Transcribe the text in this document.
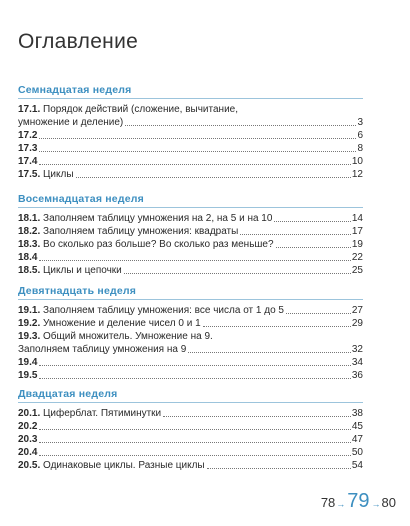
Оглавление
Семнадцатая неделя
17.1. Порядок действий (сложение, вычитание,
умножение и деление)	3
17.2	6
17.3	8
17.4	10
17.5. Циклы	12
Восемнадцатая неделя
18.1. Заполняем таблицу умножения на 2, на 5 и на 10	14
18.2. Заполняем таблицу умножения: квадраты	17
18.3. Во сколько раз больше? Во сколько раз меньше?	19
18.4	22
18.5. Циклы и цепочки	25
Девятнадцать неделя
19.1. Заполняем таблицу умножения: все числа от 1 до 5	27
19.2. Умножение и деление чисел 0 и 1	29
19.3. Общий множитель. Умножение на 9.
Заполняем таблицу умножения на 9	32
19.4	34
19.5	36
Двадцатая неделя
20.1. Циферблат. Пятиминутки	38
20.2	45
20.3	47
20.4	50
20.5. Одинаковые циклы. Разные циклы	54
78 → 79 → 80
